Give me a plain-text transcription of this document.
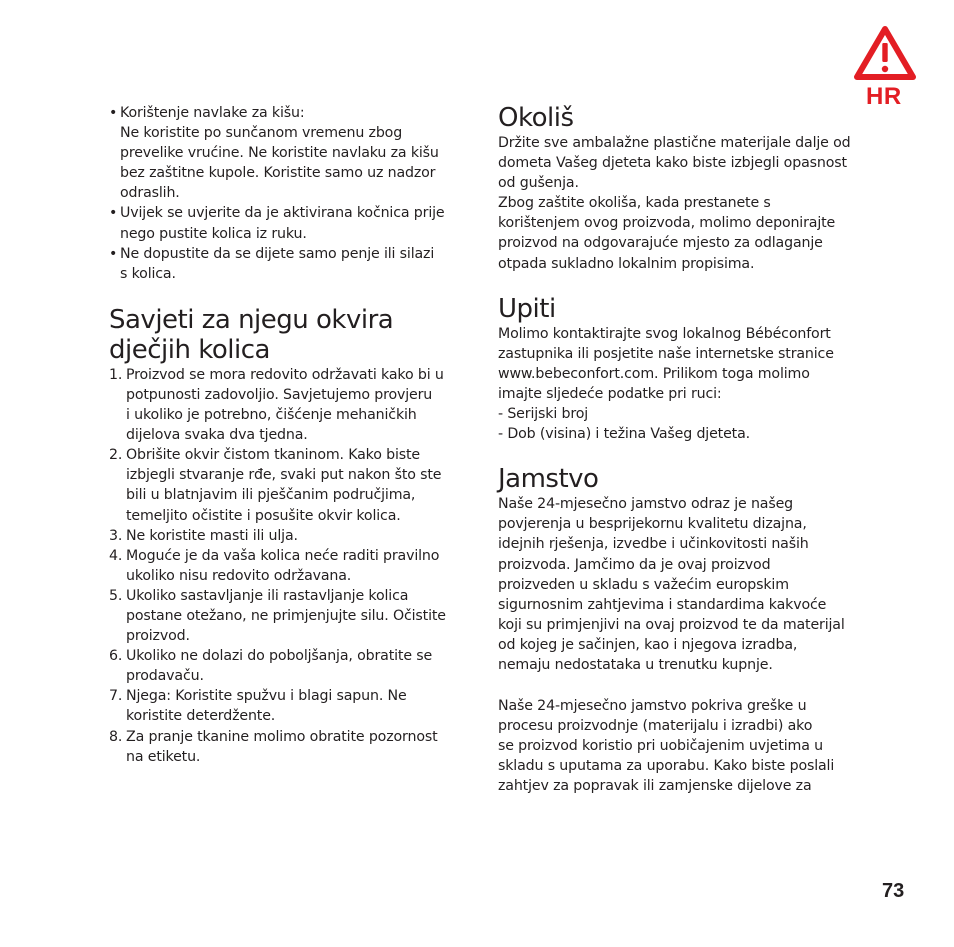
HR
• Korištenje navlake za kišu:
Ne koristite po sunčanom vremenu zbog
prevelike vrućine. Ne koristite navlaku za kišu
bez zaštitne kupole. Koristite samo uz nadzor
odraslih.
• Uvijek se uvjerite da je aktivirana kočnica prije
nego pustite kolica iz ruku.
• Ne dopustite da se dijete samo penje ili silazi
s kolica.
Savjeti za njegu okvira
dječjih kolica
1. Proizvod se mora redovito održavati kako bi u
potpunosti zadovoljio. Savjetujemo provjeru
i ukoliko je potrebno, čišćenje mehaničkih
dijelova svaka dva tjedna.
2. Obrišite okvir čistom tkaninom. Kako biste
izbjegli stvaranje rđe, svaki put nakon što ste
bili u blatnjavim ili pješčanim područjima,
temeljito očistite i posušite okvir kolica.
3. Ne koristite masti ili ulja.
4. Moguće je da vaša kolica neće raditi pravilno
ukoliko nisu redovito održavana.
5. Ukoliko sastavljanje ili rastavljanje kolica
postane otežano, ne primjenjujte silu. Očistite
proizvod.
6. Ukoliko ne dolazi do poboljšanja, obratite se
prodavaču.
7. Njega: Koristite spužvu i blagi sapun. Ne
koristite deterdžente.
8. Za pranje tkanine molimo obratite pozornost
na etiketu.
Okoliš

Držite sve ambalažne plastične materijale dalje od
dometa Vašeg djeteta kako biste izbjegli opasnost
od gušenja.

Zbog zaštite okoliša, kada prestanete s
korištenjem ovog proizvoda, molimo deponirajte
proizvod na odgovarajuće mjesto za odlaganje
otpada sukladno lokalnim propisima.

Upiti

Molimo kontaktirajte svog lokalnog Bébéconfort
zastupnika ili posjetite naše internetske stranice
www.bebeconfort.com. Prilikom toga molimo
imajte sljedeće podatke pri ruci:
- Serijski broj
- Dob (visina) i težina Vašeg djeteta.

Jamstvo

Naše 24-mjesečno jamstvo odraz je našeg
povjerenja u besprijekornu kvalitetu dizajna,
idejnih rješenja, izvedbe i učinkovitosti naših
proizvoda. Jamčimo da je ovaj proizvod
proizveden u skladu s važećim europskim
sigurnosnim zahtjevima i standardima kakvoće
koji su primjenjivi na ovaj proizvod te da materijal
od kojeg je sačinjen, kao i njegova izradba,
nemaju nedostataka u trenutku kupnje.

Naše 24-mjesečno jamstvo pokriva greške u
procesu proizvodnje (materijalu i izradbi) ako
se proizvod koristio pri uobičajenim uvjetima u
skladu s uputama za uporabu. Kako biste poslali
zahtjev za popravak ili zamjenske dijelove za

73
